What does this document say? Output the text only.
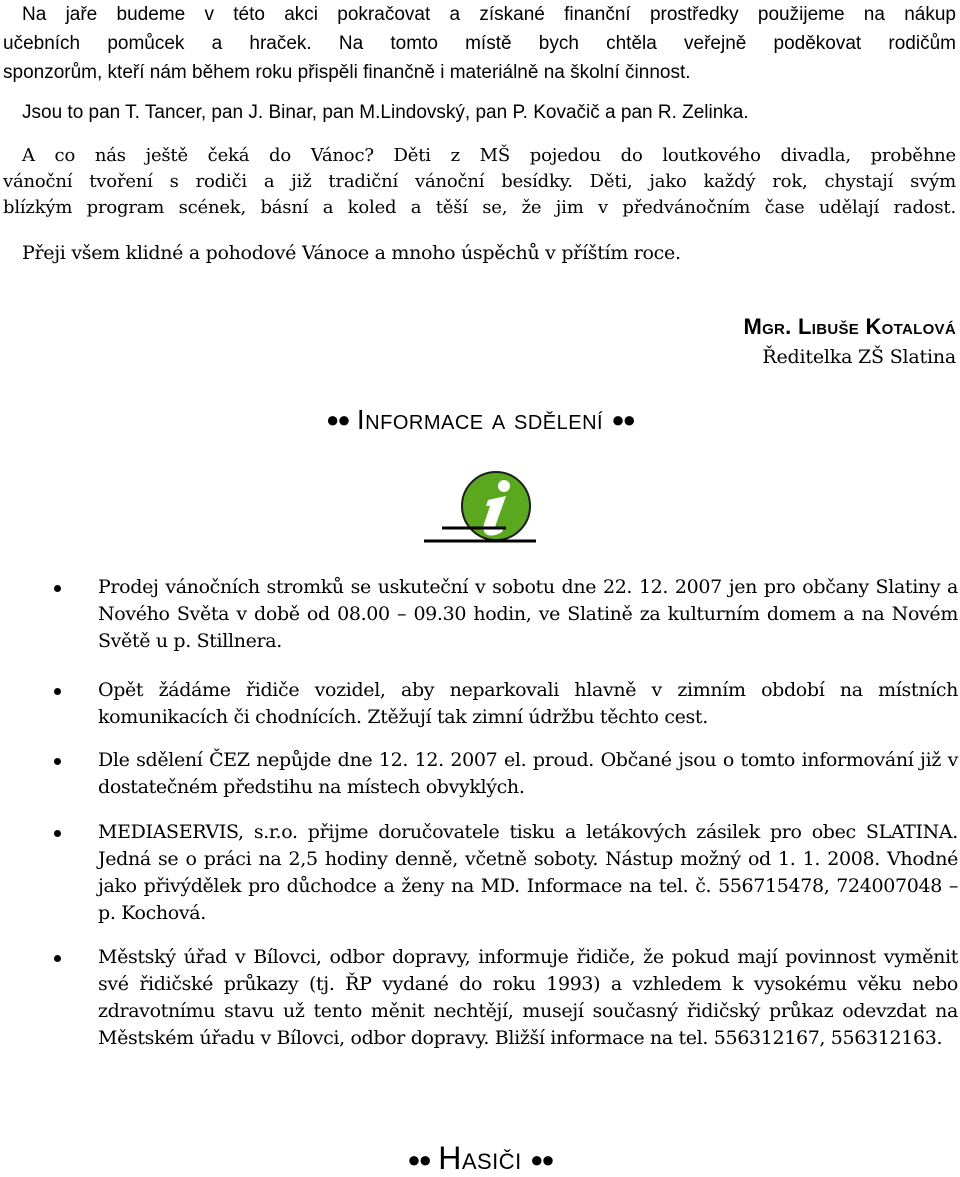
Na jaře budeme v této akci pokračovat a získané finanční prostředky použijeme na nákup
učebních pomůcek a hraček. Na tomto místě bych chtěla veřejně poděkovat rodičům
sponzorům, kteří nám během roku přispěli finančně i materiálně na školní činnost.
Jsou to pan T. Tancer, pan J. Binar, pan M.Lindovský, pan P. Kovačič a pan R. Zelinka.
A co nás ještě čeká do Vánoc? Děti z MŠ pojedou do loutkového divadla, proběhne
vánoční tvoření s rodiči a již tradiční vánoční besídky. Děti, jako každý rok, chystají svým
blízkým program scének, básní a koled a těší se, že jim v předvánočním čase udělají radost.
Přeji všem klidné a pohodové Vánoce a mnoho úspěchů v příštím roce.
Mgr. Libuše Kotalová
Ředitelka ZŠ Slatina
●● Informace a sdělení ●●
Prodej vánočních stromků se uskuteční v sobotu dne 22. 12. 2007 jen pro občany Slatiny a Nového Světa v době od 08.00 – 09.30 hodin, ve Slatině za kulturním domem a na Novém Světě u p. Stillnera.
Opět žádáme řidiče vozidel, aby neparkovali hlavně v zimním období na místních komunikacích či chodnících. Ztěžují tak zimní údržbu těchto cest.
Dle sdělení ČEZ nepůjde dne 12. 12. 2007 el. proud. Občané jsou o tomto informování již v dostatečném předstihu na místech obvyklých.
MEDIASERVIS, s.r.o. přijme doručovatele tisku a letákových zásilek pro obec SLATINA. Jedná se o práci na 2,5 hodiny denně, včetně soboty. Nástup možný od 1. 1. 2008. Vhodné jako přivýdělek pro důchodce a ženy na MD. Informace na tel. č. 556715478, 724007048 – p. Kochová.
Městský úřad v Bílovci, odbor dopravy, informuje řidiče, že pokud mají povinnost vyměnit své řidičské průkazy (tj. ŘP vydané do roku 1993) a vzhledem k vysokému věku nebo zdravotnímu stavu už tento měnit nechtějí, musejí současný řidičský průkaz odevzdat na Městském úřadu v Bílovci, odbor dopravy. Bližší informace na tel. 556312167, 556312163.
●● Hasiči ●●
